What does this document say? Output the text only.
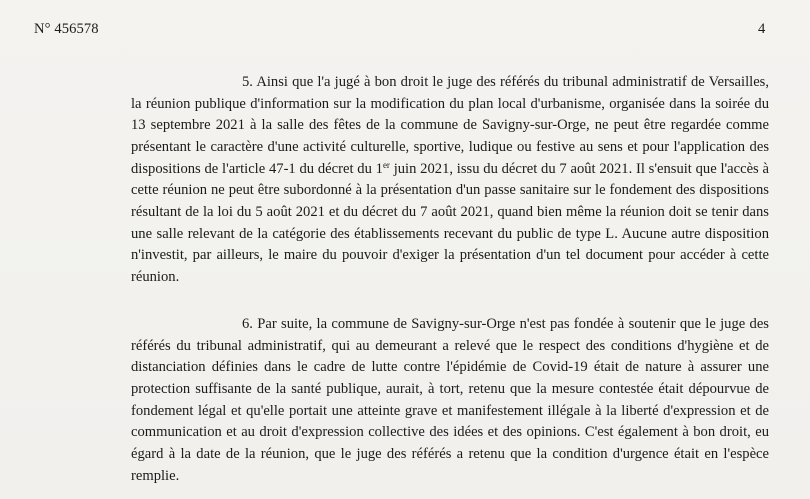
N° 456578	4

5. Ainsi que l'a jugé à bon droit le juge des référés du tribunal administratif de Versailles, la réunion publique d'information sur la modification du plan local d'urbanisme, organisée dans la soirée du 13 septembre 2021 à la salle des fêtes de la commune de Savigny-sur-Orge, ne peut être regardée comme présentant le caractère d'une activité culturelle, sportive, ludique ou festive au sens et pour l'application des dispositions de l'article 47-1 du décret du 1er juin 2021, issu du décret du 7 août 2021. Il s'ensuit que l'accès à cette réunion ne peut être subordonné à la présentation d'un passe sanitaire sur le fondement des dispositions résultant de la loi du 5 août 2021 et du décret du 7 août 2021, quand bien même la réunion doit se tenir dans une salle relevant de la catégorie des établissements recevant du public de type L. Aucune autre disposition n'investit, par ailleurs, le maire du pouvoir d'exiger la présentation d'un tel document pour accéder à cette réunion.

6. Par suite, la commune de Savigny-sur-Orge n'est pas fondée à soutenir que le juge des référés du tribunal administratif, qui au demeurant a relevé que le respect des conditions d'hygiène et de distanciation définies dans le cadre de lutte contre l'épidémie de Covid-19 était de nature à assurer une protection suffisante de la santé publique, aurait, à tort, retenu que la mesure contestée était dépourvue de fondement légal et qu'elle portait une atteinte grave et manifestement illégale à la liberté d'expression et de communication et au droit d'expression collective des idées et des opinions. C'est également à bon droit, eu égard à la date de la réunion, que le juge des référés a retenu que la condition d'urgence était en l'espèce remplie.
